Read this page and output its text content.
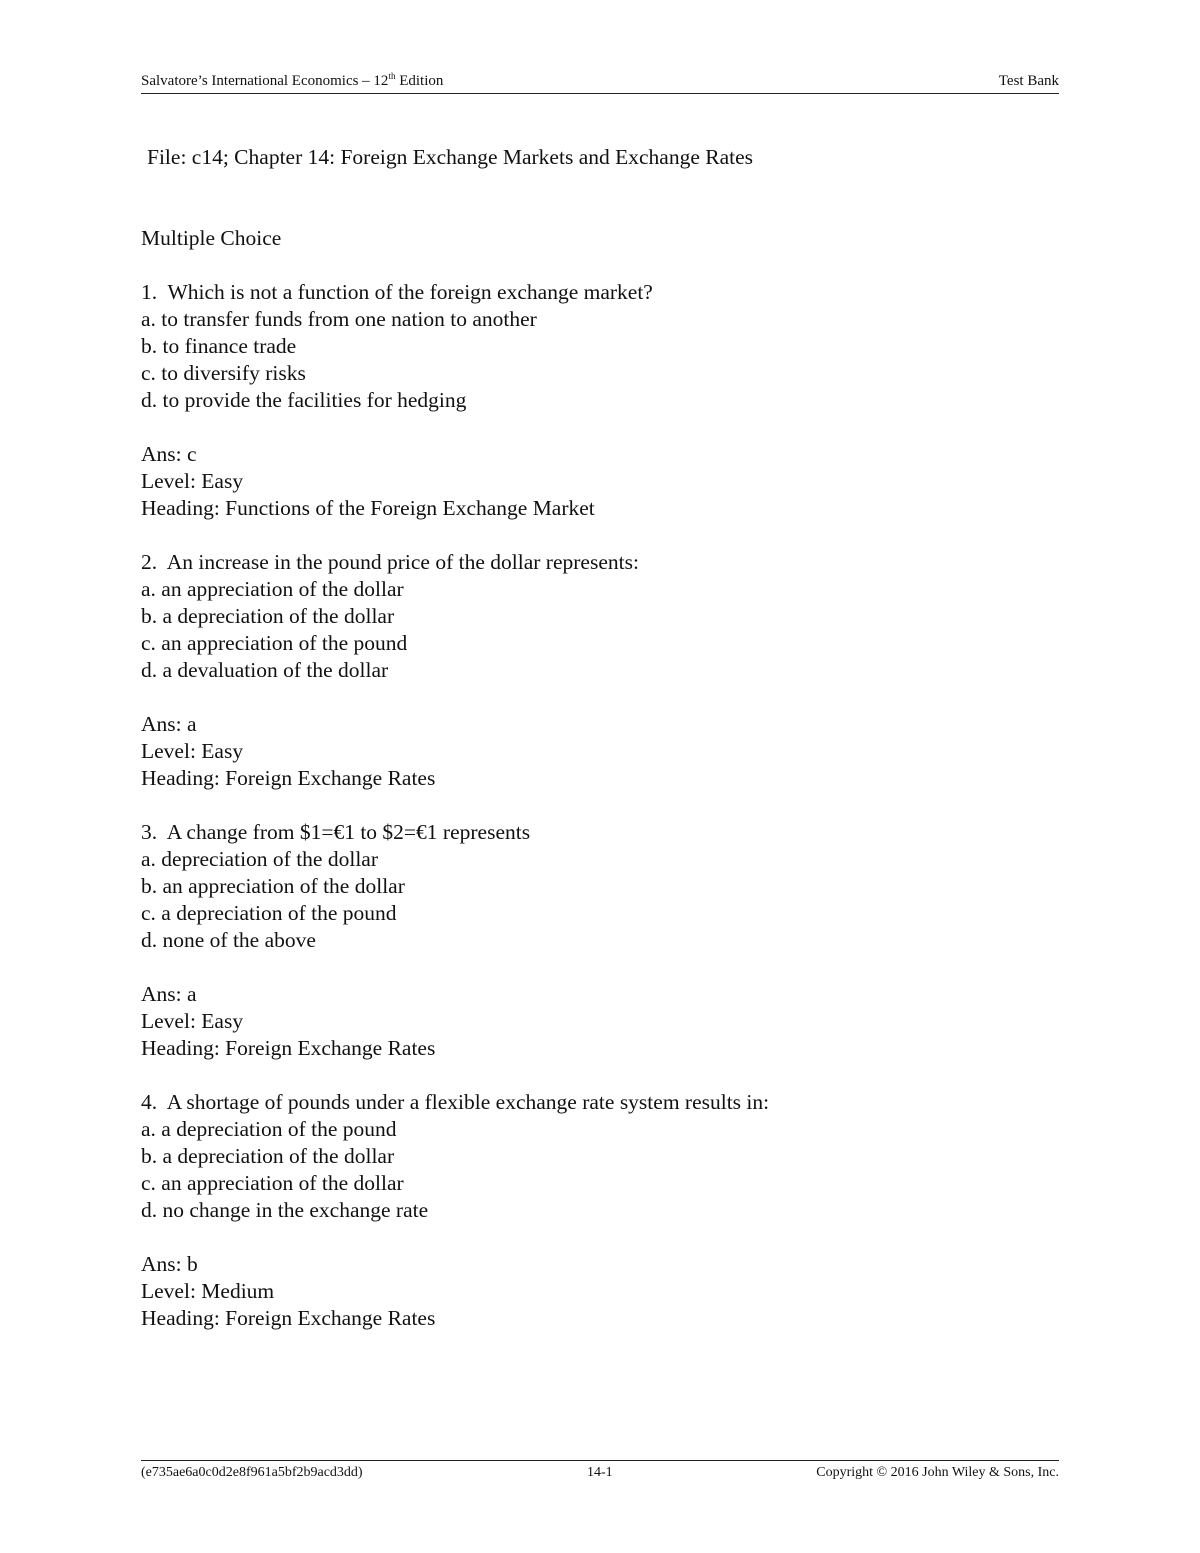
Salvatore’s International Economics – 12th Edition	Test Bank
File: c14; Chapter 14: Foreign Exchange Markets and Exchange Rates
Multiple Choice
1.  Which is not a function of the foreign exchange market?
a. to transfer funds from one nation to another
b. to finance trade
c. to diversify risks
d. to provide the facilities for hedging
Ans: c
Level: Easy
Heading: Functions of the Foreign Exchange Market
2.  An increase in the pound price of the dollar represents:
a. an appreciation of the dollar
b. a depreciation of the dollar
c. an appreciation of the pound
d. a devaluation of the dollar
Ans: a
Level: Easy
Heading: Foreign Exchange Rates
3.  A change from $1=€1 to $2=€1 represents
a. depreciation of the dollar
b. an appreciation of the dollar
c. a depreciation of the pound
d. none of the above
Ans: a
Level: Easy
Heading: Foreign Exchange Rates
4.  A shortage of pounds under a flexible exchange rate system results in:
a. a depreciation of the pound
b. a depreciation of the dollar
c. an appreciation of the dollar
d. no change in the exchange rate
Ans: b
Level: Medium
Heading: Foreign Exchange Rates
(e735ae6a0c0d2e8f961a5bf2b9acd3dd)	14-1	Copyright © 2016 John Wiley & Sons, Inc.
